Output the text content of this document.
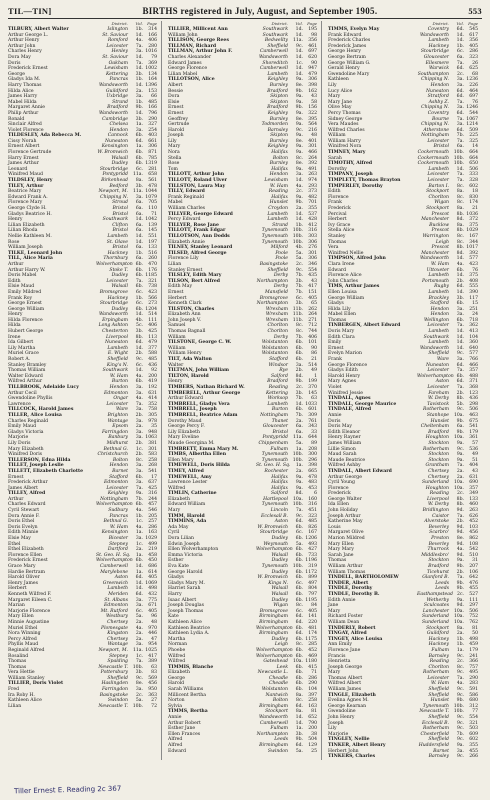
TIL—TIN]	BIRTHS registered in July, August, and September 1905.	553
District.	Vol.	Page
TILBURY, Albert Walter	Islington	1b.	314
Arthur George L.	St. Saviour	1d.	166
Arthur Henry	Romford	4a.	406
Arthur John	Leicester	7a.	280
Charles Henry	Henley	3a. 1016
Dora May	St. Saviour	1d.	79
Doris	Oakham	7a.	369
Frederick Ernest	Lewisham	1d. 1002
George	Kettering	3b.	134
Gladys Ida M.	Pancras	1b.	164
Harry Thomas	Wandsworth	1d. 1396
Hilda Alice	Guildford	2a.	153
James Harry	Uxbridge	3a.	66
Mabel Hilda	Strand	1b.	485
Margaret Annie	Bradford	9b.	166
Philip Arthur	Wandsworth	1d.	796
Ronald	Cambridge	3b.	290
Sinclair Alfred	Chelsea	1a.	327
Violet Florence	Hendon	3a.	254
TILDESLEY, Ada Rebecca M.	Cannock	6b.	403
Cissy Norah	Nuneaton	6d.	661
Ernest Albert	Kensington	1a.	306
Florence Gertrude	W. Bromwich	6b.	871
Harry Ernest	Walsall	6b.	785
James Arthur	Dudley	6b. 1319
Leonard	Stourbridge	6c.	281
Winifred Maud	Pontypridd	11a.	658
TILDSLEY, Henry	Birkenhead	8a.	561
TILEY, Arthur	Bedford	3b.	478
Beatrice Mary	Newport, M.	11a. 1044
Edward Frank A.	Chipping N.	3a. 1079
Florence Mary	Stroud	6a.	705
George Clyde H.	Bristol	6a.	110
Gladys Beatrice H.	Bristol	6a.	71
Henry	Southwark	1d. 1042
Lilian Elizabeth	Clifton	6a.	139
Lilian Rhoda	Bristol	6a.	145
Nellie Kathleen M.	Lambeth	1d.	551
Rose	St. Olave	1d.	197
William Joseph	Bristol	6a.	133
TILKE, Leonard John	Hackney	1b.	516
TILL, Alice Maria	Thornbury	6a.	260
Arthur	Wolverhampton 6b.	470
Arthur Harry W.	Stoke T.	6b.	176
Doris Mabel	Dudley	6b. 1185
Edith	Leicester	7a.	321
Elsie Maud	Walsall	6b.	738
Emily Mildred	Bromsgrove	6c.	423
Frank Roy	Hackney	1b.	566
George Ernest	Stourbridge	6c.	273
George William	Dudley	6b. 1204
Henry	Wandsworth	1d.	514
Hilda Florence	Erpingham	4b.	111
Hilda	Long Ashton	5c.	406
Hubert George	Chesterton	3b.	425
Irene	Liverpool	8b.	113
Ida Gilbert	Nuneaton	6d.	479
Lily Martha	Lambeth	1d.	377
Muriel Grace	E. Wight	2b.	588
Robert A.	Sheffield	9c.	485
Stanley Bramley	King's N.	6c.	436
Thomas William	Southwark	1d.	92
Walter Edward	W. Ham	4a.	200
Wilfred Arthur	Burton	6b.	419
TILLBROOK, Adelaide Lucy	Hendon	3a.	192
Arthur Cecil	Edmonton	3a.	631
Gwendoline Phyllis	Ongar	4a.	414
Lawrence	Leicester	7a.	352
TILLCOCK, Harold James	Ware	3a.	758
TILLER, Alice Louisa	Brighton	2b.	305
Charles Reginald	Wantage	3a.	978
Emily Maud	Epsom	2a.	35
Gladys Victoria	Farringdon	3a.	948
Marjorie	Banbury	3a. 1063
Lily Doris	Midhurst	2b.	381
Mary Elizabeth	Bethnal G.	1c.	301
Winifred Doris	Christchurch	2b.	583
TILLERSON, Edna Hilda	Bolton	8c.	258
TILLET, Joseph Leslie	Hendon	3a.	268
TILLETT, Elizabeth Charlotte	Barnet	3a.	541
Ernest	Stafford	6b.	17
Frederick Arthur	Edmonton	3a.	637
James Albert	Leicester	7a.	425
TILLEY, Alfred	Keighley	9a.	316
Arthur	Nottingham	7b.	244
Charles Edward	Wolverhampton 6b.	457
Cyril Stewart	Sudbury	4a.	546
Dora Annie F.	Pancras	1b.	205
Doris Ethel	Bethnal G.	1c.	257
Doris Evelyn	W. Ham	4a.	286
Edith Minnie	Kensington	1a.	163
Elsie May	Bicester	3a. 1029
Ethel	Stepney	1c.	499
Ethel Elizabeth	Dartford	2a.	219
Florence Ellen	St. Geo. H. Sq.	1a.	458
Frederick Ernest	Wolverhampton 6b.	450
Grace Mary	Camberwell	1d.	686
Hardie Bertram	Marylebone	1a.	614
Harold Oliver	Aston	6d.	405
Henry James	Greenwich	1d. 1069
Herbert	Lambeth	1d.	498
Kenneth Wilfred F.	Meriden	6d.	432
Margaret Eileen C.	St. Albans	3a.	775
Marian	Edmonton	3a.	671
Marjorie Florence	Mt. Rutford	6c.	405
Mary Ellen	Westbury	5a.	96
Minnie Augustine	Chertsey	2a.	48
Muriel Ethel	Plomesgate	4a.	970
Nora Winning	Kingston	2a.	446
Percy Alfred	Chertsey	2a.	47
Phyllis Maud	Wantage	3a.	954
Reginald Alfred	Newport, M.	11a. 1025
Rosalind	Stepney	1c.	417
Thomas	Spalding	7a.	389
Thomas	Newcastle T.	10b.	63
Vera Hettie	Pottersbury	3b.	83
William Stanley	Sheffield	9c.	569
TILLIER, Doris Violet	Haslingden	8e.	456
Fred	Farringdon	3a.	950
Ira Roby H.	Basingstoke	2c.	363
Kathleen Alice	Swindon	5a.	27
Lilian	Newcastle T.	10b.	72
District.	Vol.	Page
TILLIER, Millicent Ann	Southwark	1d.	195
William John	Southwark	1d.	98
TILLISON, George Rees	Bedwellty	11a.	356
TILLMAN, Richard	Sheffield	9c.	461
TILLMAN, Arthur John F.	Camberwell	1d.	697
Charles Alexander	Wandsworth	1d.	620
Edward James	Shoreditch	1c.	90
George Florence	Camberwell	1d.	947
Lilian Mabel	Lambeth	1d.	479
TILLOTSON, Alice	Keighley	9a.	306
Albert	Burnley	8e.	398
Bessie	Bradford	9b.	162
Dora	Skipton	9a.	43
Elsie	Skipton	9a.	58
Ernest	Bradford	9b.	156
Ernest	Keighley	9a.	322
Geoffrey	Burnley	8e.	395
Gertrude	Todmorden	9a.	564
Harold	Barnsley	9c.	216
Joseph	Skipton	9a.	48
Lily	Burnley	8e.	401
Mary	Keighley	9a.	301
Nora	Halifax	9a.	466
Stella	Bolton	8c.	264
Rose	Burnley	8e.	392
Tom	Halifax	9a.	491
TILLOTT, Arthur John	Hendon	3a.	263
TILLOTT, Roland Ulver	Lewisham	1d.	974
TILLSTON, Laura May	W. Ham	4a.	293
TILLY, Edward	Reading	2c.	373
Frank Reginald	Halifax	9a.	482
Mabel	Hunslet	9b.	701
William Charles	Croydon	2a.	355
TILLYER, George Edward	Lambeth	1d.	537
Percy Edward	Lambeth	1d.	428
TILLYER, Rose Jane	Strand	1b.	412
TILLOTT, Frank Edgar	Tynemouth	10b.	316
TILLOTSON, Ann Dodds	Tynemouth	10b.	303
Elizabeth Annie	Tynemouth	10b.	306
TILNEY, Stanley Leonard	Milford	4b.	276
TILSED, Alfred George	Poole	5a.	301
Florence Lily	Poole	5a.	306
Lilian	Basingstoke	2c.	346
Stanley Ernest	Sheffield	9c.	554
TILSLEY, Edith Mary	Derby	7b.	435
TILSON, Bert Alfred	Northampton	3b.	43
Edith May	Derby	7b.	417
Ernest	Mansfield	7b.	151
Herbert	Bromsgrove	6c.	405
Kenneth Clark	Northampton	3b.	65
TILSTON, Charles	Wrexham	11b.	262
Elizabeth Ann	Wrexham	11b.	264
John Joseph V.	Wrexham	11b.	271
Samuel	Chorlton	8c.	712
Thomas Bagnall	Chorlton	8c.	744
William	Derby	7b.	406
TILSTONE, George C. W.	Wolstanton	6b.	101
William	Wolstanton	6b.	90
William Henry	Wolstanton	6b.	86
TILT, Ada Walton	Stafford	6b.	21
Walter	Windsor	3a.	514
TILTMAN, John William	Rye	2b.	49
TILTON, Harold	Salford	8d.	1
Henry	Bradford	9b.	199
TIMBERS, Nathan Richard W.	Reading	2c.	370
TIMBERELL, Arthur George	Kettering	3b.	145
Arthur Edward	Worksop	7b.	63
TIMBRELL, Gladys Vera	Lambeth	1d. 1033
TIMBRELL, Joseph	Burton	6b.	601
TIMBRELL, Beatrice Adam	Nottingham	7b.	309
Dorothy Maud	Thanet	2a.	761
George Percy F.	Gloucester	6a.	343
Lily Elizabeth	Bristol	6a.	33
Mary Eveline	Pontypridd	11a.	644
Maude Georgina M.	Chippenham	5a.	89
TIMBRETT, Emma Mary M.	Fulham	1a.	208
TIMBS, Albertha Ellen	Tynemouth	10b.	300
Ellen Mary	Tynemouth	10b.	296
TIMEWELL, Doris Hilda	St. Geo. H. Sq.	1a.	398
TIMEY, Alfred	Rochester	2a.	665
TIMEWELL, Amy	Halifax	9a.	478
Lawrence Lester	Halifax	9a.	483
Wilfred	Halifax	9a.	453
TIMLIN, Catherine	Salford	8d.	6
Elizabeth	Hartlepool	10a.	160
Edward William	Tynemouth	10b.	316
Mary	Lincoln	7a.	451
TIMM, Harold	Ecclesall B.	9c.	323
TIMMINS, Ada	Aston	6d.	485
Ada May	W. Bromwich	6b.	826
Cyril	Stourbridge	6c.	167
Dora Lilian	Dudley	6b. 1206
Edwin Joseph	Weymouth	5a.	493
Ellen Wolverhampton	Wolverhampton 6b.	427
Emma Victoria	Walsall	6b.	733
Esther	Dudley	6b. 1196
Eva Kate	Tynemouth	10b.	319
George Harold	Dudley	6b. 1172
Gladys	W. Bromwich	6b.	899
Gladys Mary M.	Kings N.	6c.	497
Harriet Sarah	Walsall	6b.	804
Harry	Walsall	6b.	797
Isaac Albert	Dudley	6b. 1195
Joseph Douglas	Wigan	8c.	84
Joseph Thomas	Bromsgrove	6c.	405
Kate	Birmingham	6d.	141
Kathleen Alice	Birmingham	6d.	220
Kathleen Beatrice	Wolverhampton 6b.	481
Kathleen Lydia A.	Birmingham	6d.	174
Martha	Dudley	6b. 1175
Norman	Leigh	8c.	285
Phoebe	Wolverhampton 6b.	452
Wilfred	Wolverhampton 6b.	469
Wilfred	Gateshead	10a. 1180
TIMMIS, Blanche	Leek	6b.	415
Elizabeth	Newcastle L.	6b.	71
George	Cheadle	6b.	286
Harold	Cheadle	6b.	290
Sarah Williams	Wolstanton	6b.	104
Millicent Bertha	Nantwich	8a.	397
Norton	Bolton	8c.	258
Sylvia	Birmingham	6d.	163
TIMMS, Bertha	Stockport	8a.	81
Annie	Wandsworth	1d.	652
Arthur Robert	Camberwell	1d.	790
Esther Jane	Fulham	1a.	200
Ellen Frances	Northampton	3b.	38
Alfred	Leeds	9b.	504
Alfred	Birmingham	6d.	129
Edward	Swindon	5a.	25
District.	Vol.	Page
TIMMS, Evelyn May	Coventry	6d.	545
Frank Edward	Wandsworth	1d.	617
Frederick Charles	Lambeth	1d.	356
Frederick James	Hackney	1b.	405
George Henry	Stourbridge	6c.	286
George Bertram	Gloucester	6a.	323
George William G.	Ellesmere	7a.	26
Gerald Henry	Warwick	6d.	625
Gwendoline Mary	Southampton	2c.	68
Kathleen	Chipping N.	3a. 1236
Lily	Hendon	3a.	226
Lucy Alice	Nuneaton	6d.	464
Mary	Stratford	6d.	697
Mary Jane	Ashby Z.	7a.	76
Olive May	Chipping N.	3a. 1246
Percy Thomas	Coventry	6d.	544
Sidney George	Bourne	7a. 1067
Vera Maudes	Chipping N.	3a. 1214
Wilfred Charles	Atherstone	6d.	509
William	Nottingham	7b.	225
William Harry	Leicester	7a.	325
Winifred Nora	Bristol	6a.	14
TIMNEY, Mary	Cockermouth	10b.	664
Sarah	Cockermouth	10b.	664
TIMOTHY, Alfred	Cockermouth	10b.	650
Dorothy	Lambeth	1d.	506
TIMPANY, Joseph	Leicester	7a.	333
TIMPLETT, Thomas Brayton	Leicester	7a.	328
TIMPERLEY, Dorothy	Barton I.	8c.	602
Edith	Stockport	8a.	18
Florence	Chorlton	8c.	830
Frank	Wigan	8c.	174
Frederick	Stockport	8a.	21
Percival	Prescot	8b. 1036
Herbert	Manchester	8d.	372
Ivy Grace	Bucklow	8a.	375
Stella Alice	Prescot	8b. 1029
Stanley	Warrington	8c.	167
Thomas	Leigh	8c.	344
Vera	Prescot	8b. 1017
Winifred Nellie	Manchester	8d.	392
TIMPSON, Alfred John	Wandsworth	1d.	577
Clara Irene	W. Ham	4a.	423
Edward	Uttoxeter	6b.	76
Florence Alice	Lambeth	1d.	375
John Charles	Portsmouth	2b.	408
TIMS, Arthur James	Rugby	6d.	555
Ellen Louisa	Lambeth	1d.	390
George William	Brackley	3b.	117
Gladys	Stafford	6b.	15
Hilda Lily	Hendon	3a.	251
Mabel Ellen	Hendon	3a.	24
Thomas	Wellington	6b.	718
TINBERGEN, Albert Edward	Leicester	7a.	362
Doris Mary	Lambeth	1d.	413
Edith Clara	Southwark	1d.	104
Emily	Lambeth	1d.	360
Ernest	Wandsworth	1d.	640
Evelyn Marion	Sheffield	9c.	577
Frank	Ware	3a.	766
George Florence	Nuneaton	6d.	466
Gladys Edith	Leicester	7a.	357
Harold Henry	Wolverhampton 6b.	488
Mary Agnes	Aston	6d.	371
Violet	Leicester	7a.	368
Winifred Jessie	Fareham	2b.	123
TINDALL, Agnes	W. Derby	8b.	436
TINDALL, George Maurice	Tavistock	5b.	298
TINDALE, Alfred	Rotherham	9c.	506
Annie	Stanhope	10a.	463
Doris	Hunslet	9b.	675
Doris May	Cheltenham	6a.	541
Edith Eleanor	Bradford	9b.	179
Henry Rayner	Houghton	10a.	361
James William	Stockton	9a.	57
Lillie Simon	Rotherham	9c.	536
Maud Sarah	Stockton	9a.	49
Maude Beatrice	Stockton	9a.	51
Wilfred Ashby	Grantham	7a.	404
TINDALL, Albert Edward	Chertsey	2a.	43
Arthur George	Chertsey	2a.	631
Cyril Young	Sunderland	10a.	690
Florence	Houghton	10a.	357
Frederick	Reading	2c.	349
George Walter	Liverpool	8b.	133
Ida Ellen	W. Derby	8b.	460
John Holiday	Bridlington	9d.	263
Joseph Arthur	Caistor	7a.	626
Katherine May	Alverstoke	2b.	452
Louis	Beverley	9d.	103
Margaret Olive	Scarbro'	9d.	456
Marion Mildred	Preston	8e.	862
Mary Ellen	Beverley	9d.	108
Mary Mary	Thurrock	4a.	542
Sarah Jane	Middlesbro'	9d.	510
Thomas	Stockton	9a.	31
William Arthur	Bradford	9b.	207
William Thomas	Ticehurst	2b.	106
TINDELL, BARTHOLOMEW	Glanford B.	7a.	642
TINDER, Albert	Leeds	9b.	476
TINDLE, Dorothy	Leeds	9b.	455
TINDLE, Dorothy B.	Easthampstead 2c.	527
Edith Annie	Wetherby	9a.	111
Jane	Sculcoates	9d.	297
Mary	Lanchester	10a.	506
Richard Foster	Sunderland	10a.	752
William Dean	Sunderland	10a.	762
TINDERLY, Robert	Stockport	8a.	81
TINGAY, Alfred	Guildford	2a.	50
TINGEY, Alice Louisa	Hackney	1b.	498
Ann Emily	Hackney	1b.	459
Florence Jane	Fulham	1a.	179
Francis	Barnsley	9c.	241
Henrietta	Reading	2c.	366
Joseph George	Chorlton	8c.	757
Mary	Rotherham	9c.	495
Thomas Albert	Leicester	7a.	290
Wilfred Albert	W. Ham	4a.	283
William James	Sheffield	9c.	591
TINGLE, Elizabeth	Sheffield	9c.	586
Evelina Agnes M.	Hunslet	9b.	680
George Kearnan	Tynemouth	10b.	312
Gwendoline	Newcastle T.	10b.	77
John Henry	Sheffield	9c.	554
Joseph	Ecclesall B.	9c.	321
Lily	Rotherham	9c.	503
Marjorie	Chesterfield	7b.	609
TINGLEY, Nellie	Sheffield	9c.	602
TINKER, Albert Henry	Huddersfield	9a.	355
Herbert John	Barnet	3a.	455
TINKERS, Charles	Barnsley	9c.	266
Tiller Ernest E. Reading 2c 367
